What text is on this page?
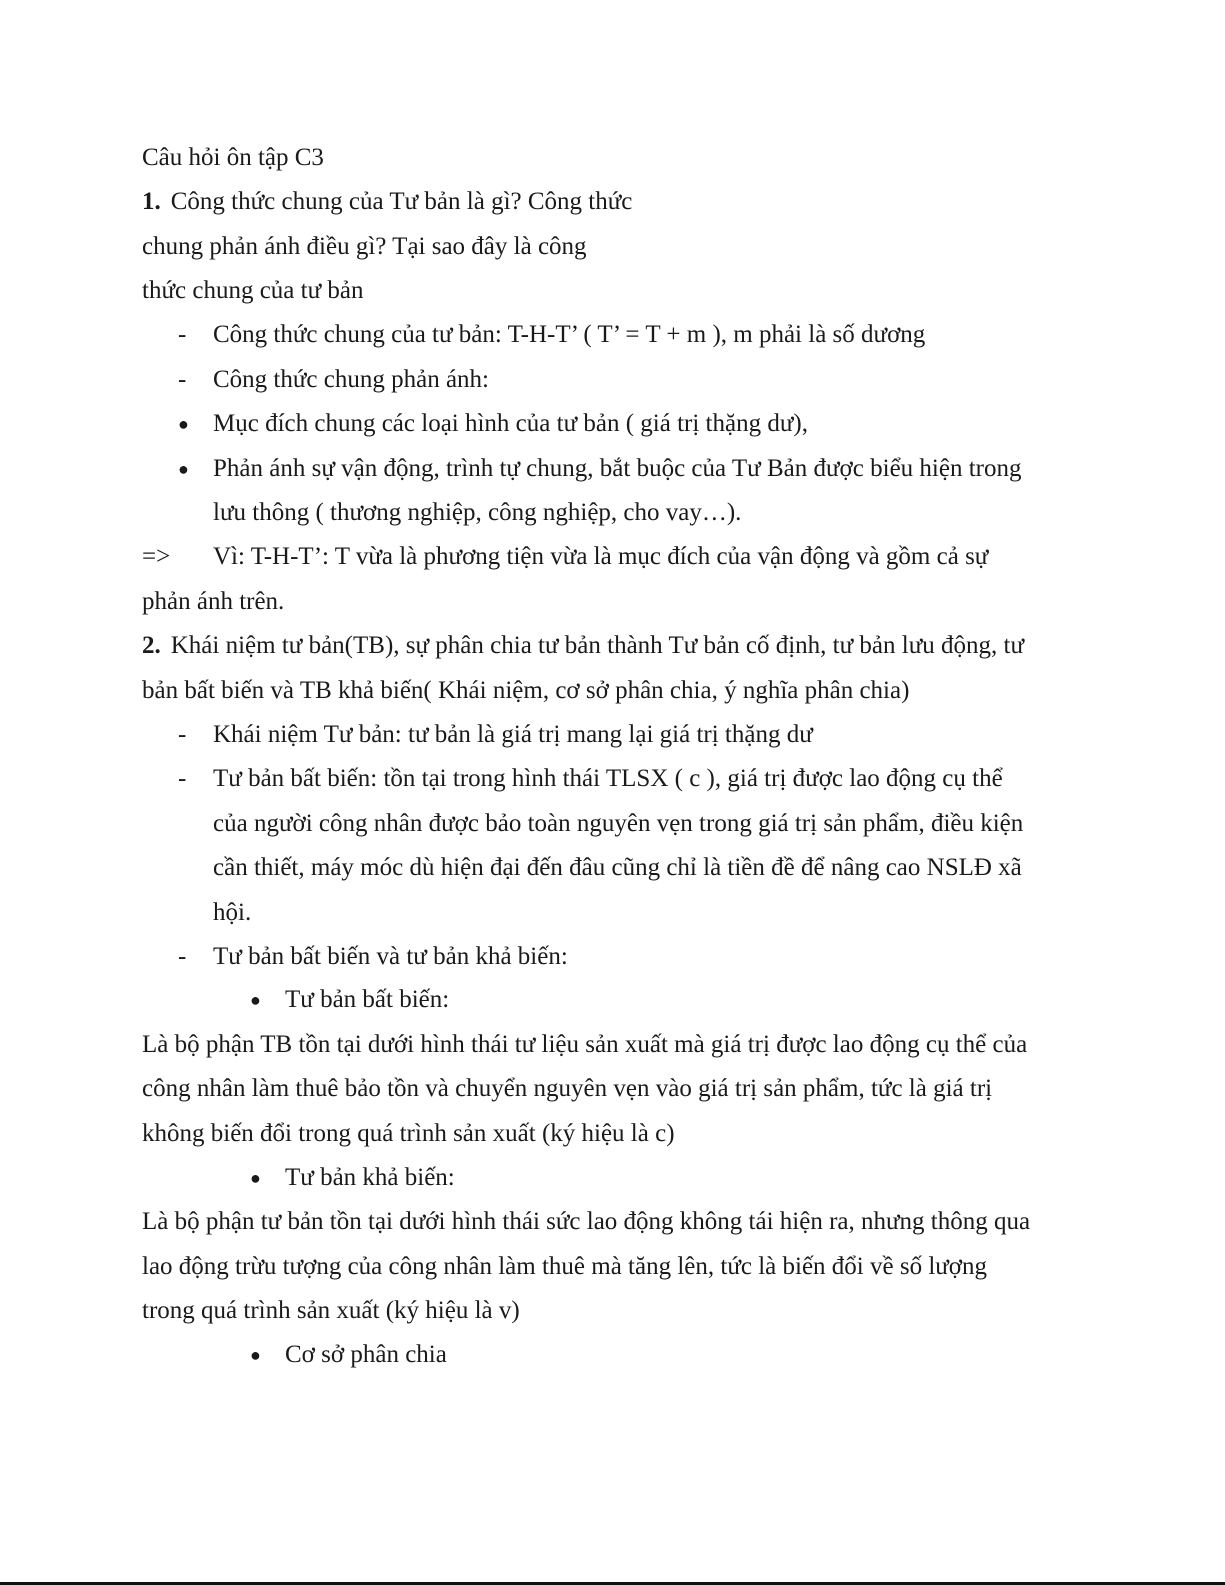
Câu hỏi ôn tập C3
1. Công thức chung của Tư bản là gì? Công thức
chung phản ánh điều gì? Tại sao đây là công
thức chung của tư bản
- Công thức chung của tư bản: T-H-T’ ( T’ = T + m ), m phải là số dương
- Công thức chung phản ánh:
● Mục đích chung các loại hình của tư bản ( giá trị thặng dư),
● Phản ánh sự vận động, trình tự chung, bắt buộc của Tư Bản được biểu hiện trong
lưu thông ( thương nghiệp, công nghiệp, cho vay…).
=> Vì: T-H-T’: T vừa là phương tiện vừa là mục đích của vận động và gồm cả sự
phản ánh trên.
2. Khái niệm tư bản(TB), sự phân chia tư bản thành Tư bản cố định, tư bản lưu động, tư
bản bất biến và TB khả biến( Khái niệm, cơ sở phân chia, ý nghĩa phân chia)
- Khái niệm Tư bản: tư bản là giá trị mang lại giá trị thặng dư
- Tư bản bất biến: tồn tại trong hình thái TLSX ( c ), giá trị được lao động cụ thể
của người công nhân được bảo toàn nguyên vẹn trong giá trị sản phẩm, điều kiện
cần thiết, máy móc dù hiện đại đến đâu cũng chỉ là tiền đề để nâng cao NSLĐ xã
hội.
- Tư bản bất biến và tư bản khả biến:
● Tư bản bất biến:
Là bộ phận TB tồn tại dưới hình thái tư liệu sản xuất mà giá trị được lao động cụ thể của
công nhân làm thuê bảo tồn và chuyển nguyên vẹn vào giá trị sản phẩm, tức là giá trị
không biến đổi trong quá trình sản xuất (ký hiệu là c)
● Tư bản khả biến:
Là bộ phận tư bản tồn tại dưới hình thái sức lao động không tái hiện ra, nhưng thông qua
lao động trừu tượng của công nhân làm thuê mà tăng lên, tức là biến đổi về số lượng
trong quá trình sản xuất (ký hiệu là v)
● Cơ sở phân chia
